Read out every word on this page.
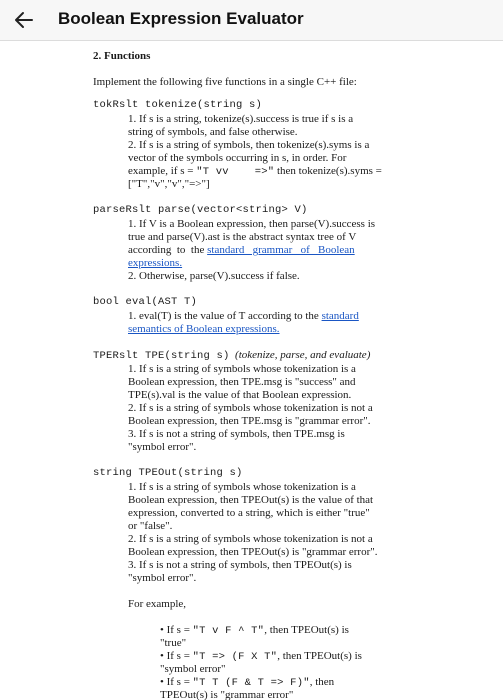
Boolean Expression Evaluator
2. Functions
Implement the following five functions in a single C++ file:
tokRslt tokenize(string s)
1. If s is a string, tokenize(s).success is true if s is a
string of symbols, and false otherwise.
2. If s is a string of symbols, then tokenize(s).syms is a
vector of the symbols occurring in s, in order. For
example, if s = "T vv    =>" then tokenize(s).syms =
["T","v","v","=>"]
parseRslt parse(vector<string> V)
1. If V is a Boolean expression, then parse(V).success is
true and parse(V).ast is the abstract syntax tree of V
according  to  the standard   grammar   of   Boolean
expressions.
2. Otherwise, parse(V).success if false.
bool eval(AST T)
1. eval(T) is the value of T according to the standard
semantics of Boolean expressions.
TPERslt TPE(string s) (tokenize, parse, and evaluate)
1. If s is a string of symbols whose tokenization is a
Boolean expression, then TPE.msg is "success" and
TPE(s).val is the value of that Boolean expression.
2. If s is a string of symbols whose tokenization is not a
Boolean expression, then TPE.msg is "grammar error".
3. If s is not a string of symbols, then TPE.msg is
"symbol error".
string TPEOut(string s)
1. If s is a string of symbols whose tokenization is a
Boolean expression, then TPEOut(s) is the value of that
expression, converted to a string, which is either "true"
or "false".
2. If s is a string of symbols whose tokenization is not a
Boolean expression, then TPEOut(s) is "grammar error".
3. If s is not a string of symbols, then TPEOut(s) is
"symbol error".
For example,
• If s = "T v F ^ T", then TPEOut(s) is
"true"
• If s = "T => (F X T", then TPEOut(s) is
"symbol error"
• If s = "T T (F & T => F)", then
TPEOut(s) is "grammar error"
